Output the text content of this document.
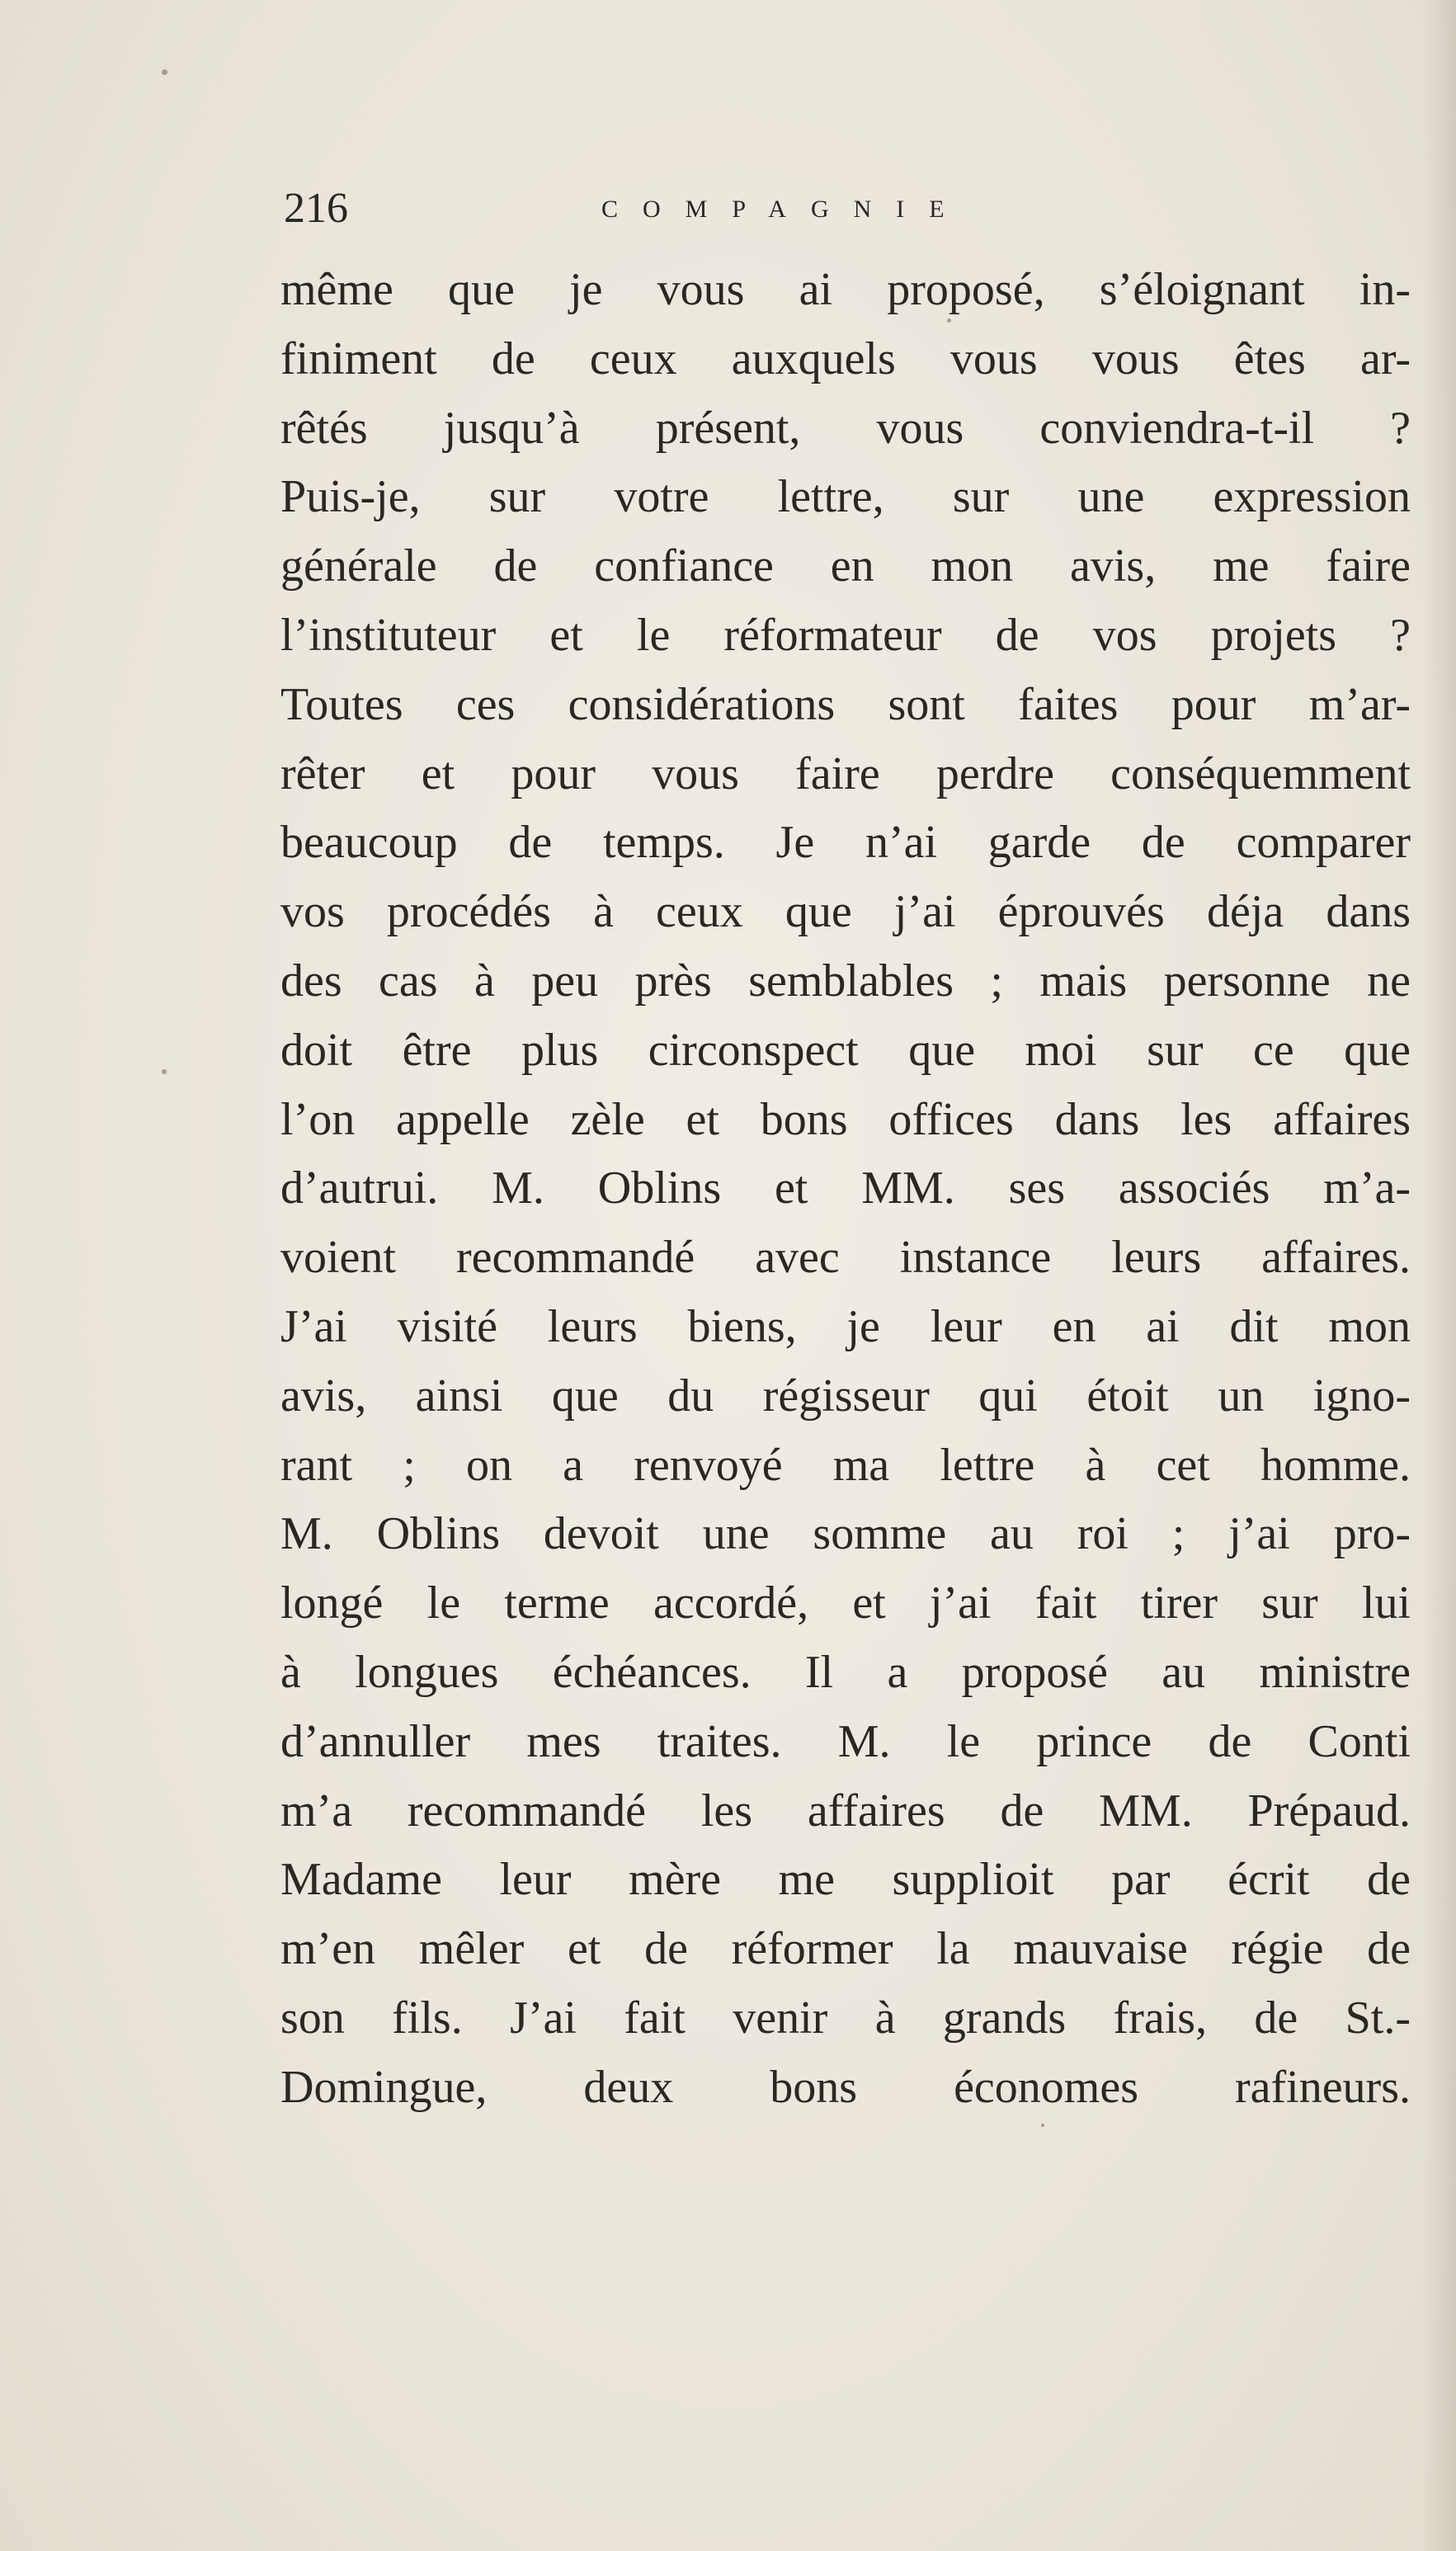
216	COMPAGNIE
même que je vous ai proposé, s’éloignant in-
finiment de ceux auxquels vous vous êtes ar-
rêtés jusqu’à présent, vous conviendra-t-il ?
Puis-je, sur votre lettre, sur une expression
générale de confiance en mon avis, me faire
l’instituteur et le réformateur de vos projets ?
Toutes ces considérations sont faites pour m’ar-
rêter et pour vous faire perdre conséquemment
beaucoup de temps. Je n’ai garde de comparer
vos procédés à ceux que j’ai éprouvés déja dans
des cas à peu près semblables ; mais personne ne
doit être plus circonspect que moi sur ce que
l’on appelle zèle et bons offices dans les affaires
d’autrui. M. Oblins et MM. ses associés m’a-
voient recommandé avec instance leurs affaires.
J’ai visité leurs biens, je leur en ai dit mon
avis, ainsi que du régisseur qui étoit un igno-
rant ; on a renvoyé ma lettre à cet homme.
M. Oblins devoit une somme au roi ; j’ai pro-
longé le terme accordé, et j’ai fait tirer sur lui
à longues échéances. Il a proposé au ministre
d’annuller mes traites. M. le prince de Conti
m’a recommandé les affaires de MM. Prépaud.
Madame leur mère me supplioit par écrit de
m’en mêler et de réformer la mauvaise régie de
son fils. J’ai fait venir à grands frais, de St.-
Domingue, deux bons économes rafineurs.
